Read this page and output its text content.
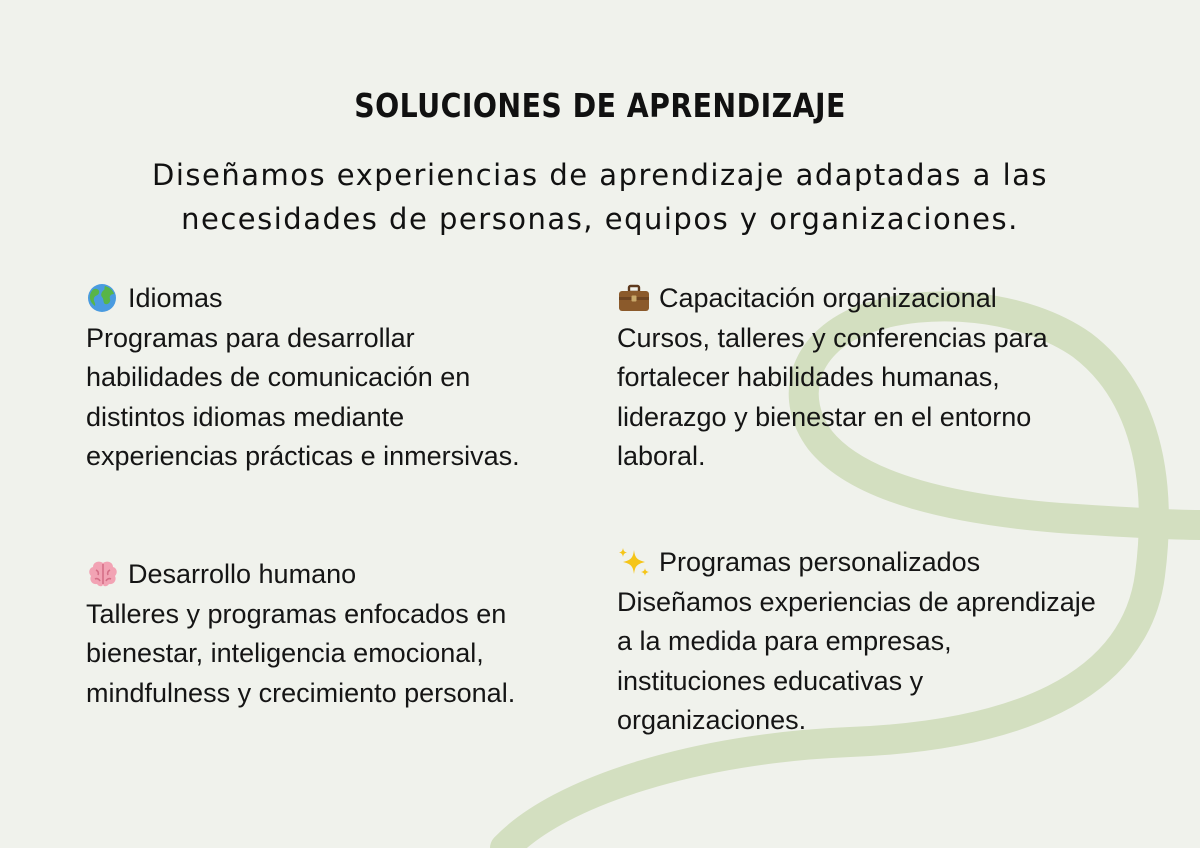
SOLUCIONES DE APRENDIZAJE
Diseñamos experiencias de aprendizaje adaptadas a las necesidades de personas, equipos y organizaciones.
Idiomas

Programas para desarrollar habilidades de comunicación en distintos idiomas mediante experiencias prácticas e inmersivas.

Desarrollo humano

Talleres y programas enfocados en bienestar, inteligencia emocional, mindfulness y crecimiento personal.

Capacitación organizacional

Cursos, talleres y conferencias para fortalecer habilidades humanas, liderazgo y bienestar en el entorno laboral.

Programas personalizados

Diseñamos experiencias de aprendizaje a la medida para empresas, instituciones educativas y organizaciones.
